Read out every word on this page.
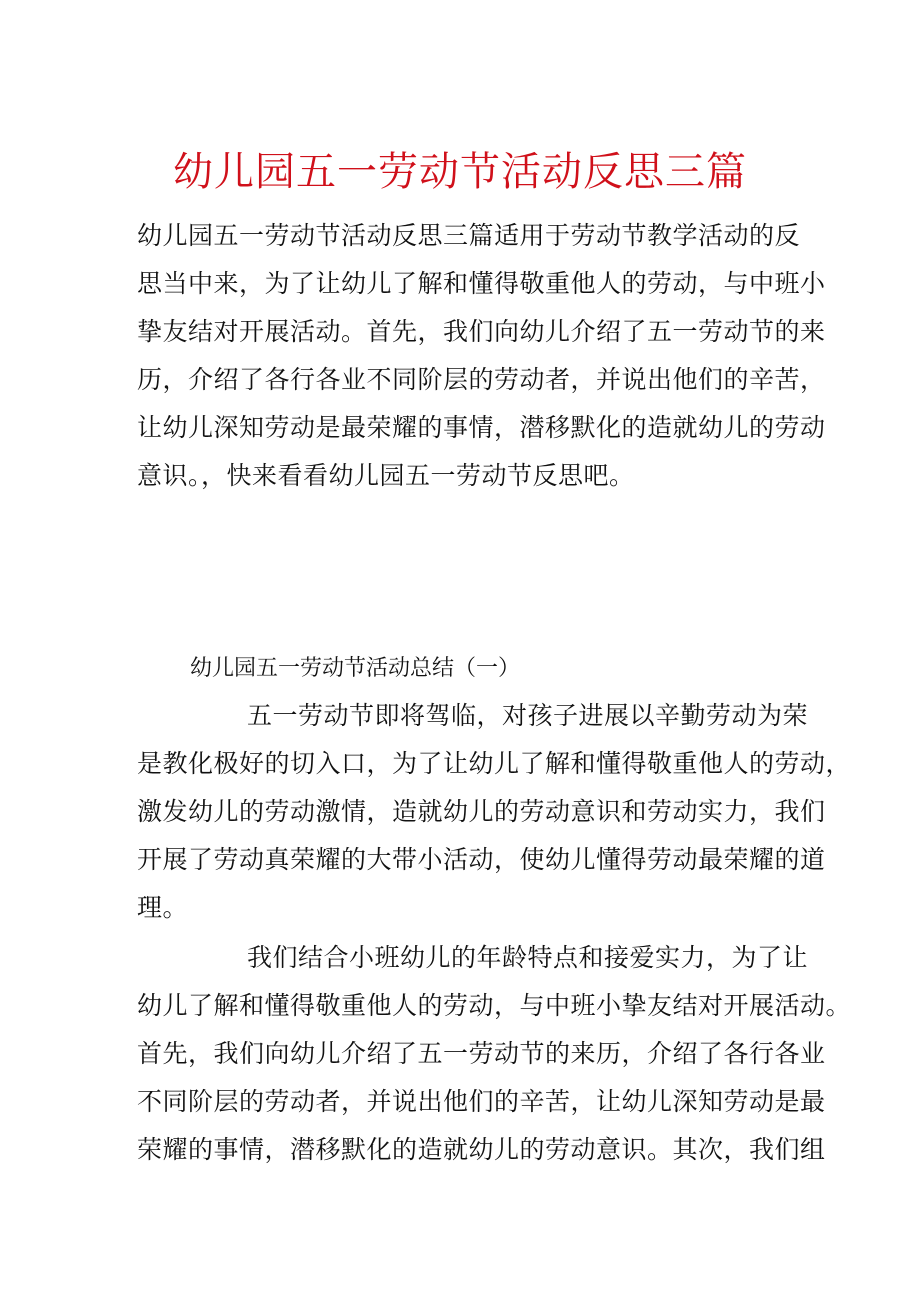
幼儿园五一劳动节活动反思三篇
幼儿园五一劳动节活动反思三篇适用于劳动节教学活动的反
思当中来，为了让幼儿了解和懂得敬重他人的劳动，与中班小
挚友结对开展活动。首先，我们向幼儿介绍了五一劳动节的来
历，介绍了各行各业不同阶层的劳动者，并说出他们的辛苦，
让幼儿深知劳动是最荣耀的事情，潜移默化的造就幼儿的劳动
意识。，快来看看幼儿园五一劳动节反思吧。
幼儿园五一劳动节活动总结（一）
五一劳动节即将驾临，对孩子进展以辛勤劳动为荣
是教化极好的切入口，为了让幼儿了解和懂得敬重他人的劳动，
激发幼儿的劳动激情，造就幼儿的劳动意识和劳动实力，我们
开展了劳动真荣耀的大带小活动，使幼儿懂得劳动最荣耀的道
理。
我们结合小班幼儿的年龄特点和接爱实力，为了让
幼儿了解和懂得敬重他人的劳动，与中班小挚友结对开展活动。
首先，我们向幼儿介绍了五一劳动节的来历，介绍了各行各业
不同阶层的劳动者，并说出他们的辛苦，让幼儿深知劳动是最
荣耀的事情，潜移默化的造就幼儿的劳动意识。其次，我们组
